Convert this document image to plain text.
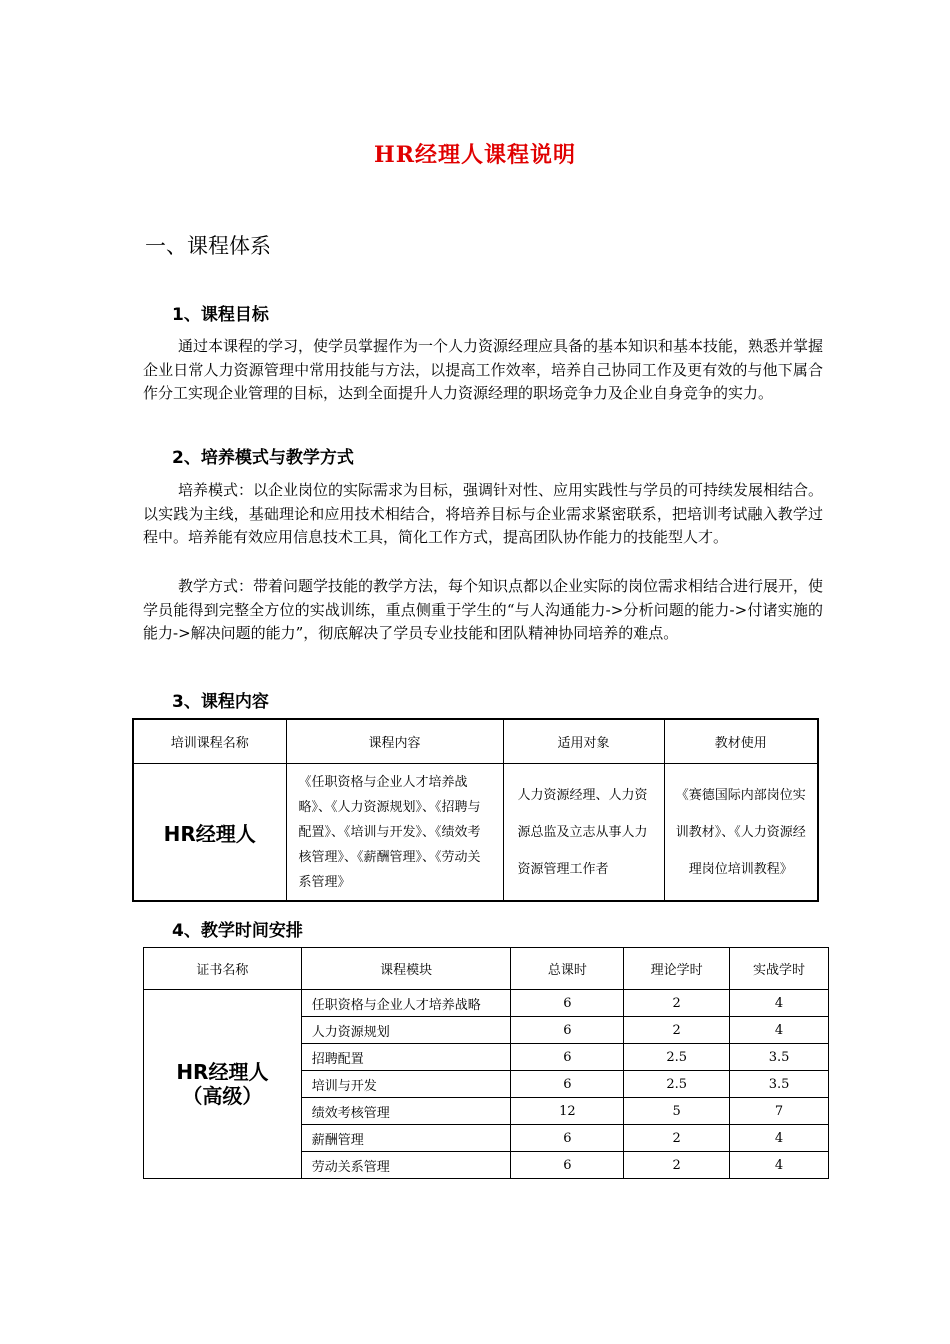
HR经理人课程说明
一、课程体系
1、课程目标
通过本课程的学习，使学员掌握作为一个人力资源经理应具备的基本知识和基本技能，熟悉并掌握企业日常人力资源管理中常用技能与方法，以提高工作效率，培养自己协同工作及更有效的与他下属合作分工实现企业管理的目标，达到全面提升人力资源经理的职场竞争力及企业自身竞争的实力。
2、培养模式与教学方式
培养模式：以企业岗位的实际需求为目标，强调针对性、应用实践性与学员的可持续发展相结合。以实践为主线，基础理论和应用技术相结合，将培养目标与企业需求紧密联系，把培训考试融入教学过程中。培养能有效应用信息技术工具，简化工作方式，提高团队协作能力的技能型人才。
教学方式：带着问题学技能的教学方法，每个知识点都以企业实际的岗位需求相结合进行展开，使学员能得到完整全方位的实战训练，重点侧重于学生的“与人沟通能力->分析问题的能力->付诸实施的能力->解决问题的能力”，彻底解决了学员专业技能和团队精神协同培养的难点。
3、课程内容
培训课程名称	课程内容	适用对象	教材使用
HR经理人	《任职资格与企业人才培养战略》、《人力资源规划》、《招聘与配置》、《培训与开发》、《绩效考核管理》、《薪酬管理》、《劳动关系管理》	人力资源经理、人力资源总监及立志从事人力资源管理工作者	《赛德国际内部岗位实训教材》、《人力资源经理岗位培训教程》
4、教学时间安排
证书名称	课程模块	总课时	理论学时	实战学时

HR经理人
（高级）	任职资格与企业人才培养战略	6	2	4
	人力资源规划	6	2	4
	招聘配置	6	2.5	3.5
	培训与开发	6	2.5	3.5
	绩效考核管理	12	5	7
	薪酬管理	6	2	4
	劳动关系管理	6	2	4
